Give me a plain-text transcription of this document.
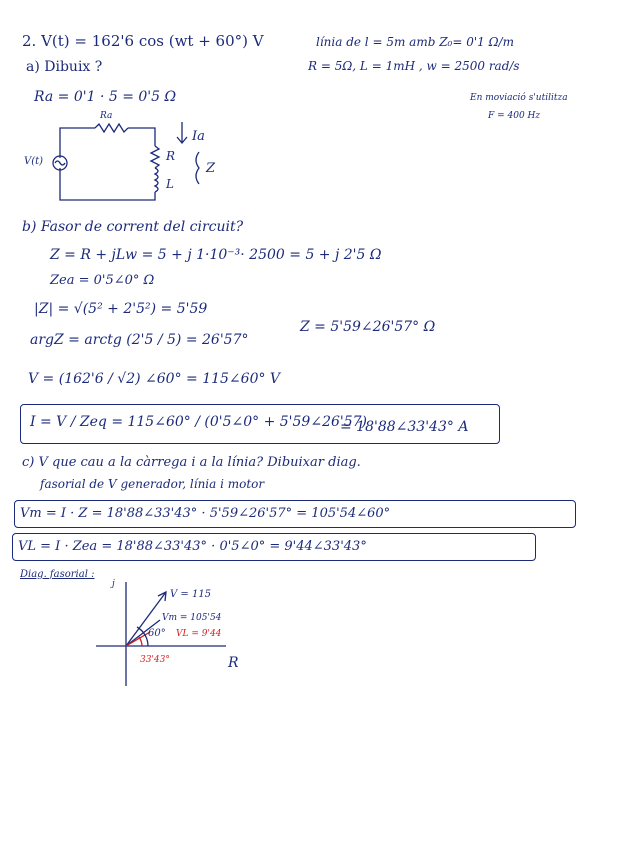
2. V(t) = 162'6 cos (wt + 60°) V	línia de l = 5m amb Z₀= 0'1 Ω/m
R = 5Ω, L = 1mH , w = 2500 rad/s
En moviació s'utilitza
F = 400 Hz
a) Dibuix ?
Ra = 0'1 · 5 = 0'5 Ω
Ra
R
L
V(t)
Ia
Z
b) Fasor de corrent del circuit?
Z = R + jLw = 5 + j 1·10⁻³· 2500 = 5 + j 2'5 Ω
Zea = 0'5∠0° Ω
|Z| = √(5² + 2'5²) = 5'59
argZ = arctg (2'5 / 5) = 26'57°
Z = 5'59∠26'57° Ω
V = (162'6 / √2) ∠60° = 115∠60° V
I = V / Zeq = 115∠60° / (0'5∠0° + 5'59∠26'57)
= 18'88∠33'43° A
c) V que cau a la càrrega i a la línia? Dibuixar diag.
fasorial de V generador, línia i motor
Vm = I · Z = 18'88∠33'43° · 5'59∠26'57° = 105'54∠60°
VL = I · Zea = 18'88∠33'43° · 0'5∠0° = 9'44∠33'43°
Diag. fasorial :
j
R
V = 115
Vm = 105'54
VL = 9'44
60°
33'43°
